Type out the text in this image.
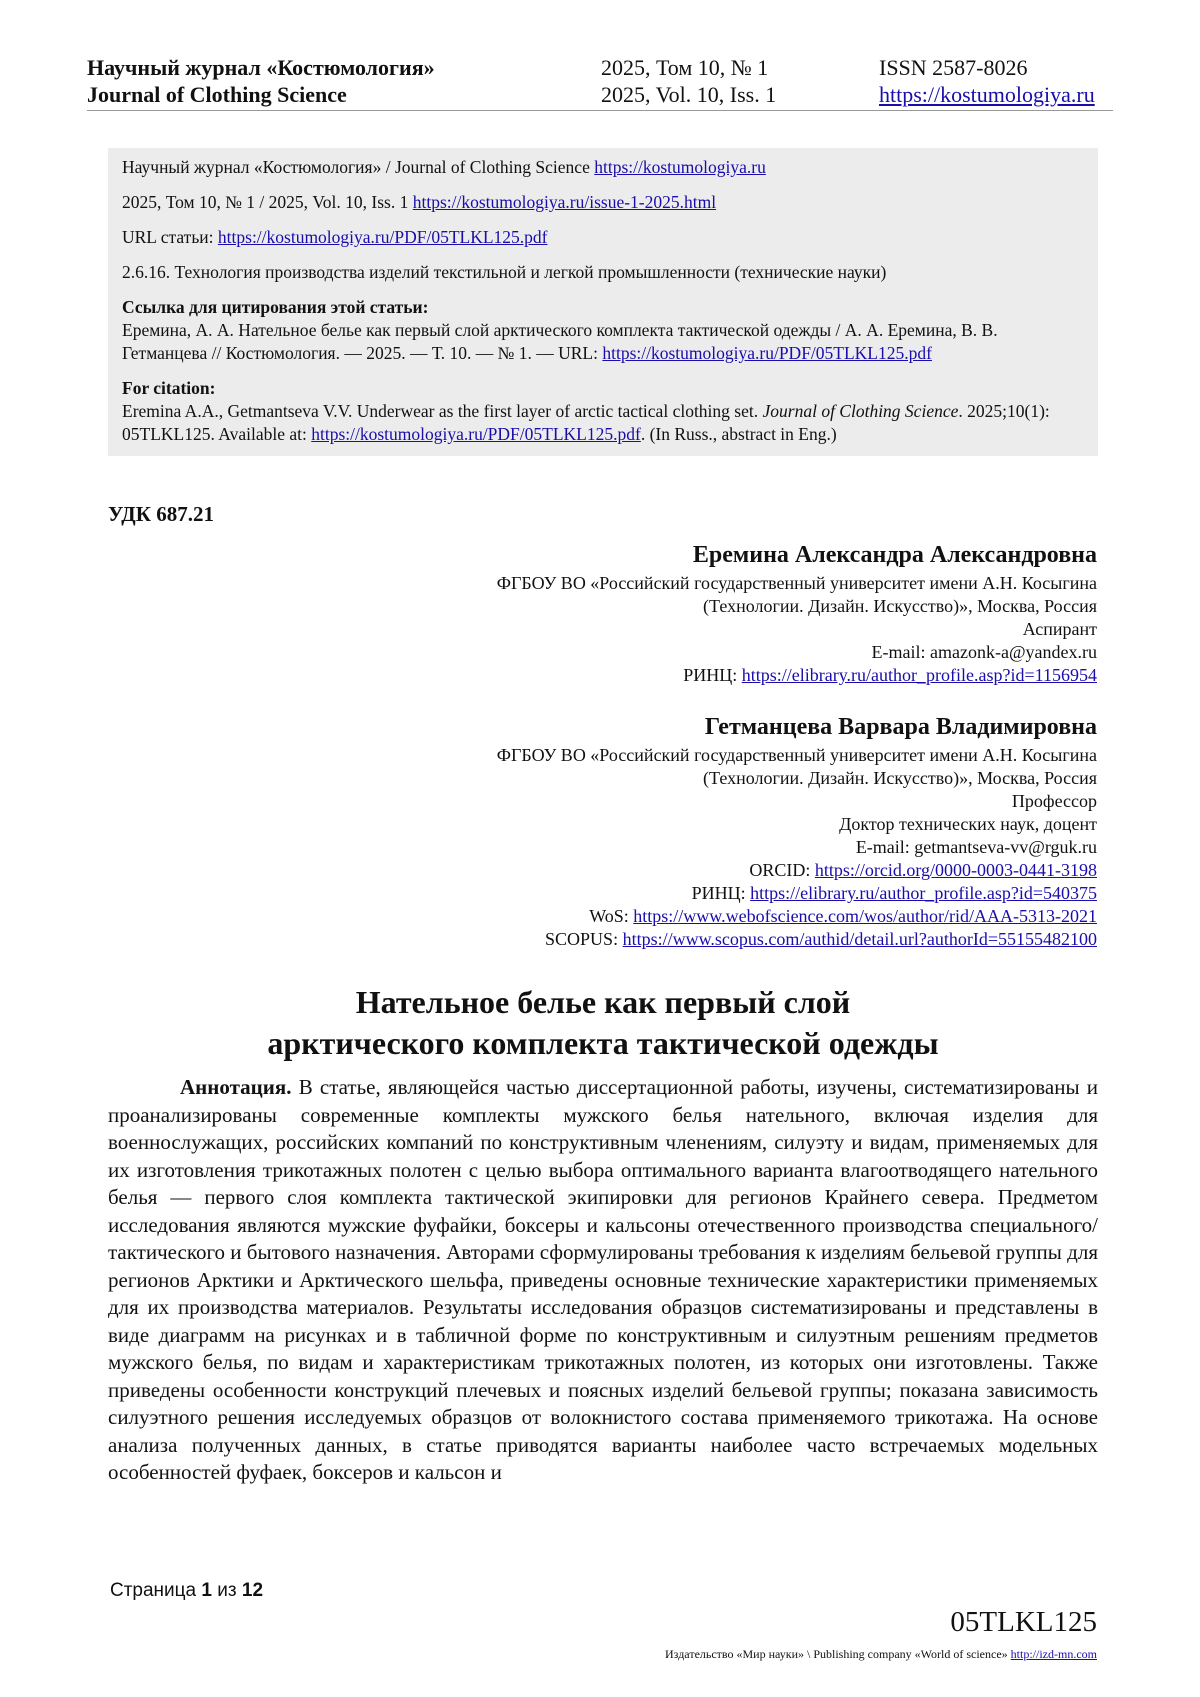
Научный журнал «Костюмология»
Journal of Clothing Science
2025, Том 10, № 1
2025, Vol. 10, Iss. 1
ISSN 2587-8026
https://kostumologiya.ru

Научный журнал «Костюмология» / Journal of Clothing Science https://kostumologiya.ru

2025, Том 10, № 1 / 2025, Vol. 10, Iss. 1 https://kostumologiya.ru/issue-1-2025.html

URL статьи: https://kostumologiya.ru/PDF/05TLKL125.pdf

2.6.16. Технология производства изделий текстильной и легкой промышленности (технические науки)

Ссылка для цитирования этой статьи:
Еремина, А. А. Нательное белье как первый слой арктического комплекта тактической одежды / А. А. Еремина, В. В. Гетманцева // Костюмология. — 2025. — Т. 10. — № 1. — URL: https://kostumologiya.ru/PDF/05TLKL125.pdf

For citation:
Eremina A.A., Getmantseva V.V. Underwear as the first layer of arctic tactical clothing set. Journal of Clothing Science. 2025;10(1): 05TLKL125. Available at: https://kostumologiya.ru/PDF/05TLKL125.pdf. (In Russ., abstract in Eng.)

УДК 687.21
Еремина Александра Александровна
ФГБОУ ВО «Российский государственный университет имени А.Н. Косыгина
(Технологии. Дизайн. Искусство)», Москва, Россия
Аспирант
E-mail: amazonk-a@yandex.ru
РИНЦ: https://elibrary.ru/author_profile.asp?id=1156954
Гетманцева Варвара Владимировна
ФГБОУ ВО «Российский государственный университет имени А.Н. Косыгина
(Технологии. Дизайн. Искусство)», Москва, Россия
Профессор
Доктор технических наук, доцент
E-mail: getmantseva-vv@rguk.ru
ORCID: https://orcid.org/0000-0003-0441-3198
РИНЦ: https://elibrary.ru/author_profile.asp?id=540375
WoS: https://www.webofscience.com/wos/author/rid/AAA-5313-2021
SCOPUS: https://www.scopus.com/authid/detail.url?authorId=55155482100
Нательное белье как первый слой
арктического комплекта тактической одежды

Аннотация. В статье, являющейся частью диссертационной работы, изучены, систематизированы и проанализированы современные комплекты мужского белья нательного, включая изделия для военнослужащих, российских компаний по конструктивным членениям, силуэту и видам, применяемых для их изготовления трикотажных полотен с целью выбора оптимального варианта влагоотводящего нательного белья — первого слоя комплекта тактической экипировки для регионов Крайнего севера. Предметом исследования являются мужские фуфайки, боксеры и кальсоны отечественного производства специального/ тактического и бытового назначения. Авторами сформулированы требования к изделиям бельевой группы для регионов Арктики и Арктического шельфа, приведены основные технические характеристики применяемых для их производства материалов. Результаты исследования образцов систематизированы и представлены в виде диаграмм на рисунках и в табличной форме по конструктивным и силуэтным решениям предметов мужского белья, по видам и характеристикам трикотажных полотен, из которых они изготовлены. Также приведены особенности конструкций плечевых и поясных изделий бельевой группы; показана зависимость силуэтного решения исследуемых образцов от волокнистого состава применяемого трикотажа. На основе анализа полученных данных, в статье приводятся варианты наиболее часто встречаемых модельных особенностей фуфаек, боксеров и кальсон и

Страница 1 из 12
05TLKL125
Издательство «Мир науки» \ Publishing company «World of science» http://izd-mn.com
